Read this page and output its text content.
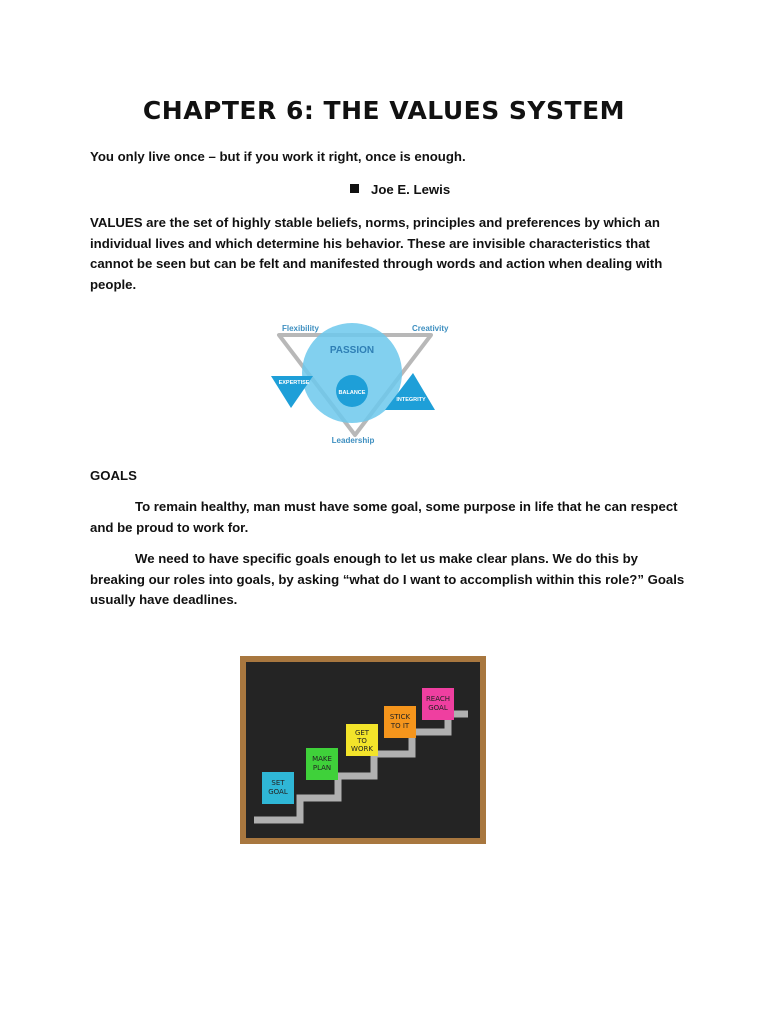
CHAPTER 6: THE VALUES SYSTEM
You only live once – but if you work it right, once is enough.
Joe E. Lewis
VALUES are the set of highly stable beliefs, norms, principles and preferences by which an individual lives and which determine his behavior. These are invisible characteristics that cannot be seen but can be felt and manifested through words and action when dealing with people.
Flexibility	Creativity
PASSION
EXPERTISE
BALANCE
INTEGRITY
Leadership
GOALS
To remain healthy, man must have some goal, some purpose in life that he can respect and be proud to work for.
We need to have specific goals enough to let us make clear plans. We do this by breaking our roles into goals, by asking “what do I want to accomplish within this role?” Goals usually have deadlines.
SET
GOAL
MAKE
PLAN
GET
TO
WORK
STICK
TO IT
REACH
GOAL
